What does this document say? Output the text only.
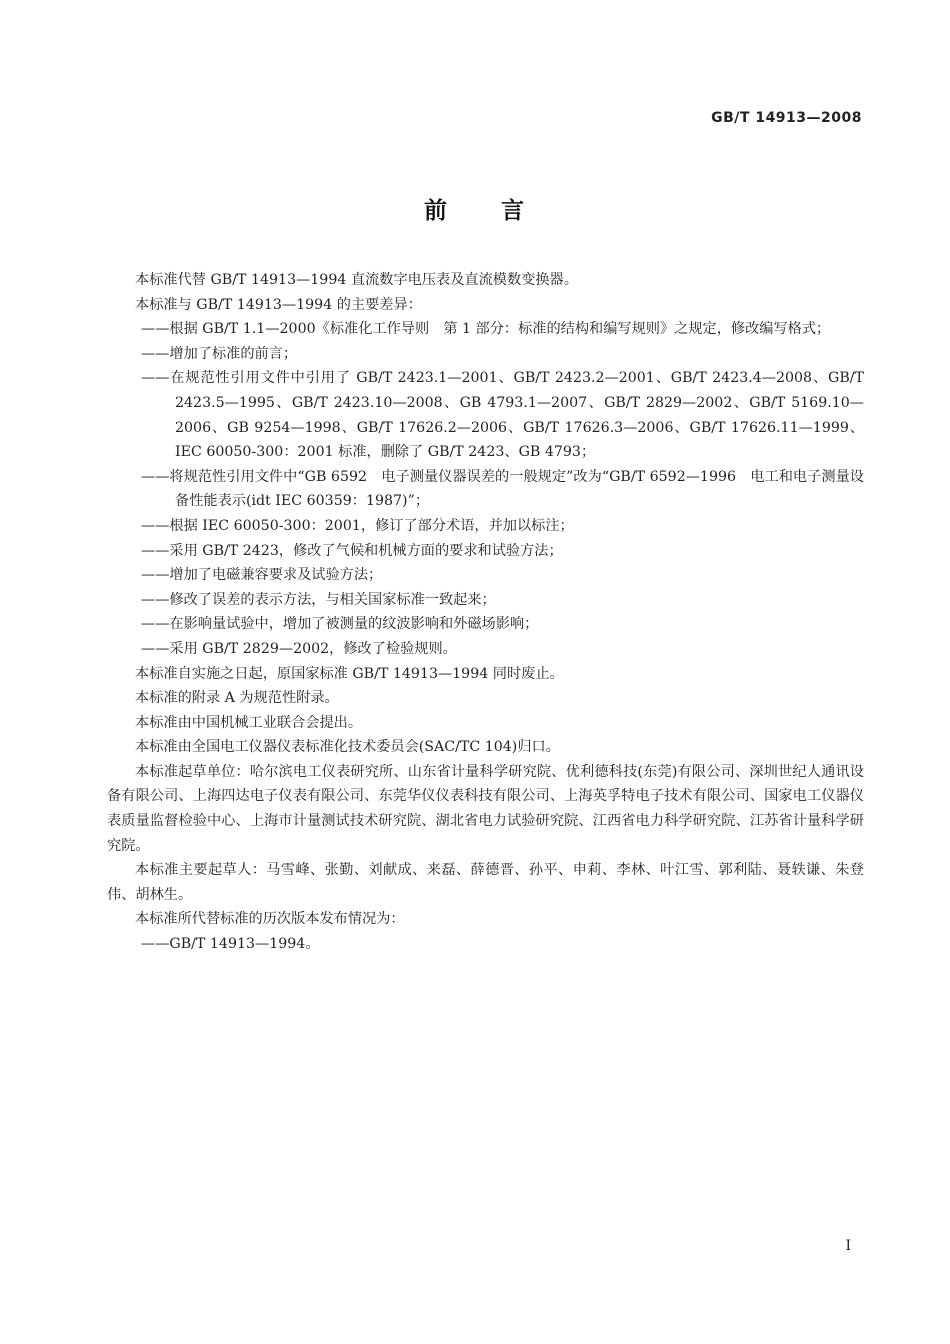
GB/T 14913—2008
前 言

本标准代替 GB/T 14913—1994 直流数字电压表及直流模数变换器。

本标准与 GB/T 14913—1994 的主要差异：

——根据 GB/T 1.1—2000《标准化工作导则　第 1 部分：标准的结构和编写规则》之规定，修改编写格式；

——增加了标准的前言；

——在规范性引用文件中引用了 GB/T 2423.1—2001、GB/T 2423.2—2001、GB/T 2423.4—2008、GB/T 2423.5—1995、GB/T 2423.10—2008、GB 4793.1—2007、GB/T 2829—2002、GB/T 5169.10—2006、GB 9254—1998、GB/T 17626.2—2006、GB/T 17626.3—2006、GB/T 17626.11—1999、IEC 60050-300：2001 标准，删除了 GB/T 2423、GB 4793；

——将规范性引用文件中“GB 6592　电子测量仪器误差的一般规定”改为“GB/T 6592—1996　电工和电子测量设备性能表示(idt IEC 60359：1987)”；

——根据 IEC 60050-300：2001，修订了部分术语，并加以标注；

——采用 GB/T 2423，修改了气候和机械方面的要求和试验方法；

——增加了电磁兼容要求及试验方法；

——修改了误差的表示方法，与相关国家标准一致起来；

——在影响量试验中，增加了被测量的纹波影响和外磁场影响；

——采用 GB/T 2829—2002，修改了检验规则。

本标准自实施之日起，原国家标准 GB/T 14913—1994 同时废止。

本标准的附录 A 为规范性附录。

本标准由中国机械工业联合会提出。

本标准由全国电工仪器仪表标准化技术委员会(SAC/TC 104)归口。

本标准起草单位：哈尔滨电工仪表研究所、山东省计量科学研究院、优利德科技(东莞)有限公司、深圳世纪人通讯设备有限公司、上海四达电子仪表有限公司、东莞华仪仪表科技有限公司、上海英孚特电子技术有限公司、国家电工仪器仪表质量监督检验中心、上海市计量测试技术研究院、湖北省电力试验研究院、江西省电力科学研究院、江苏省计量科学研究院。

本标准主要起草人：马雪峰、张勤、刘献成、来磊、薛德晋、孙平、申莉、李林、叶江雪、郭利陆、聂轶谦、朱登伟、胡林生。

本标准所代替标准的历次版本发布情况为：

——GB/T 14913—1994。

I
